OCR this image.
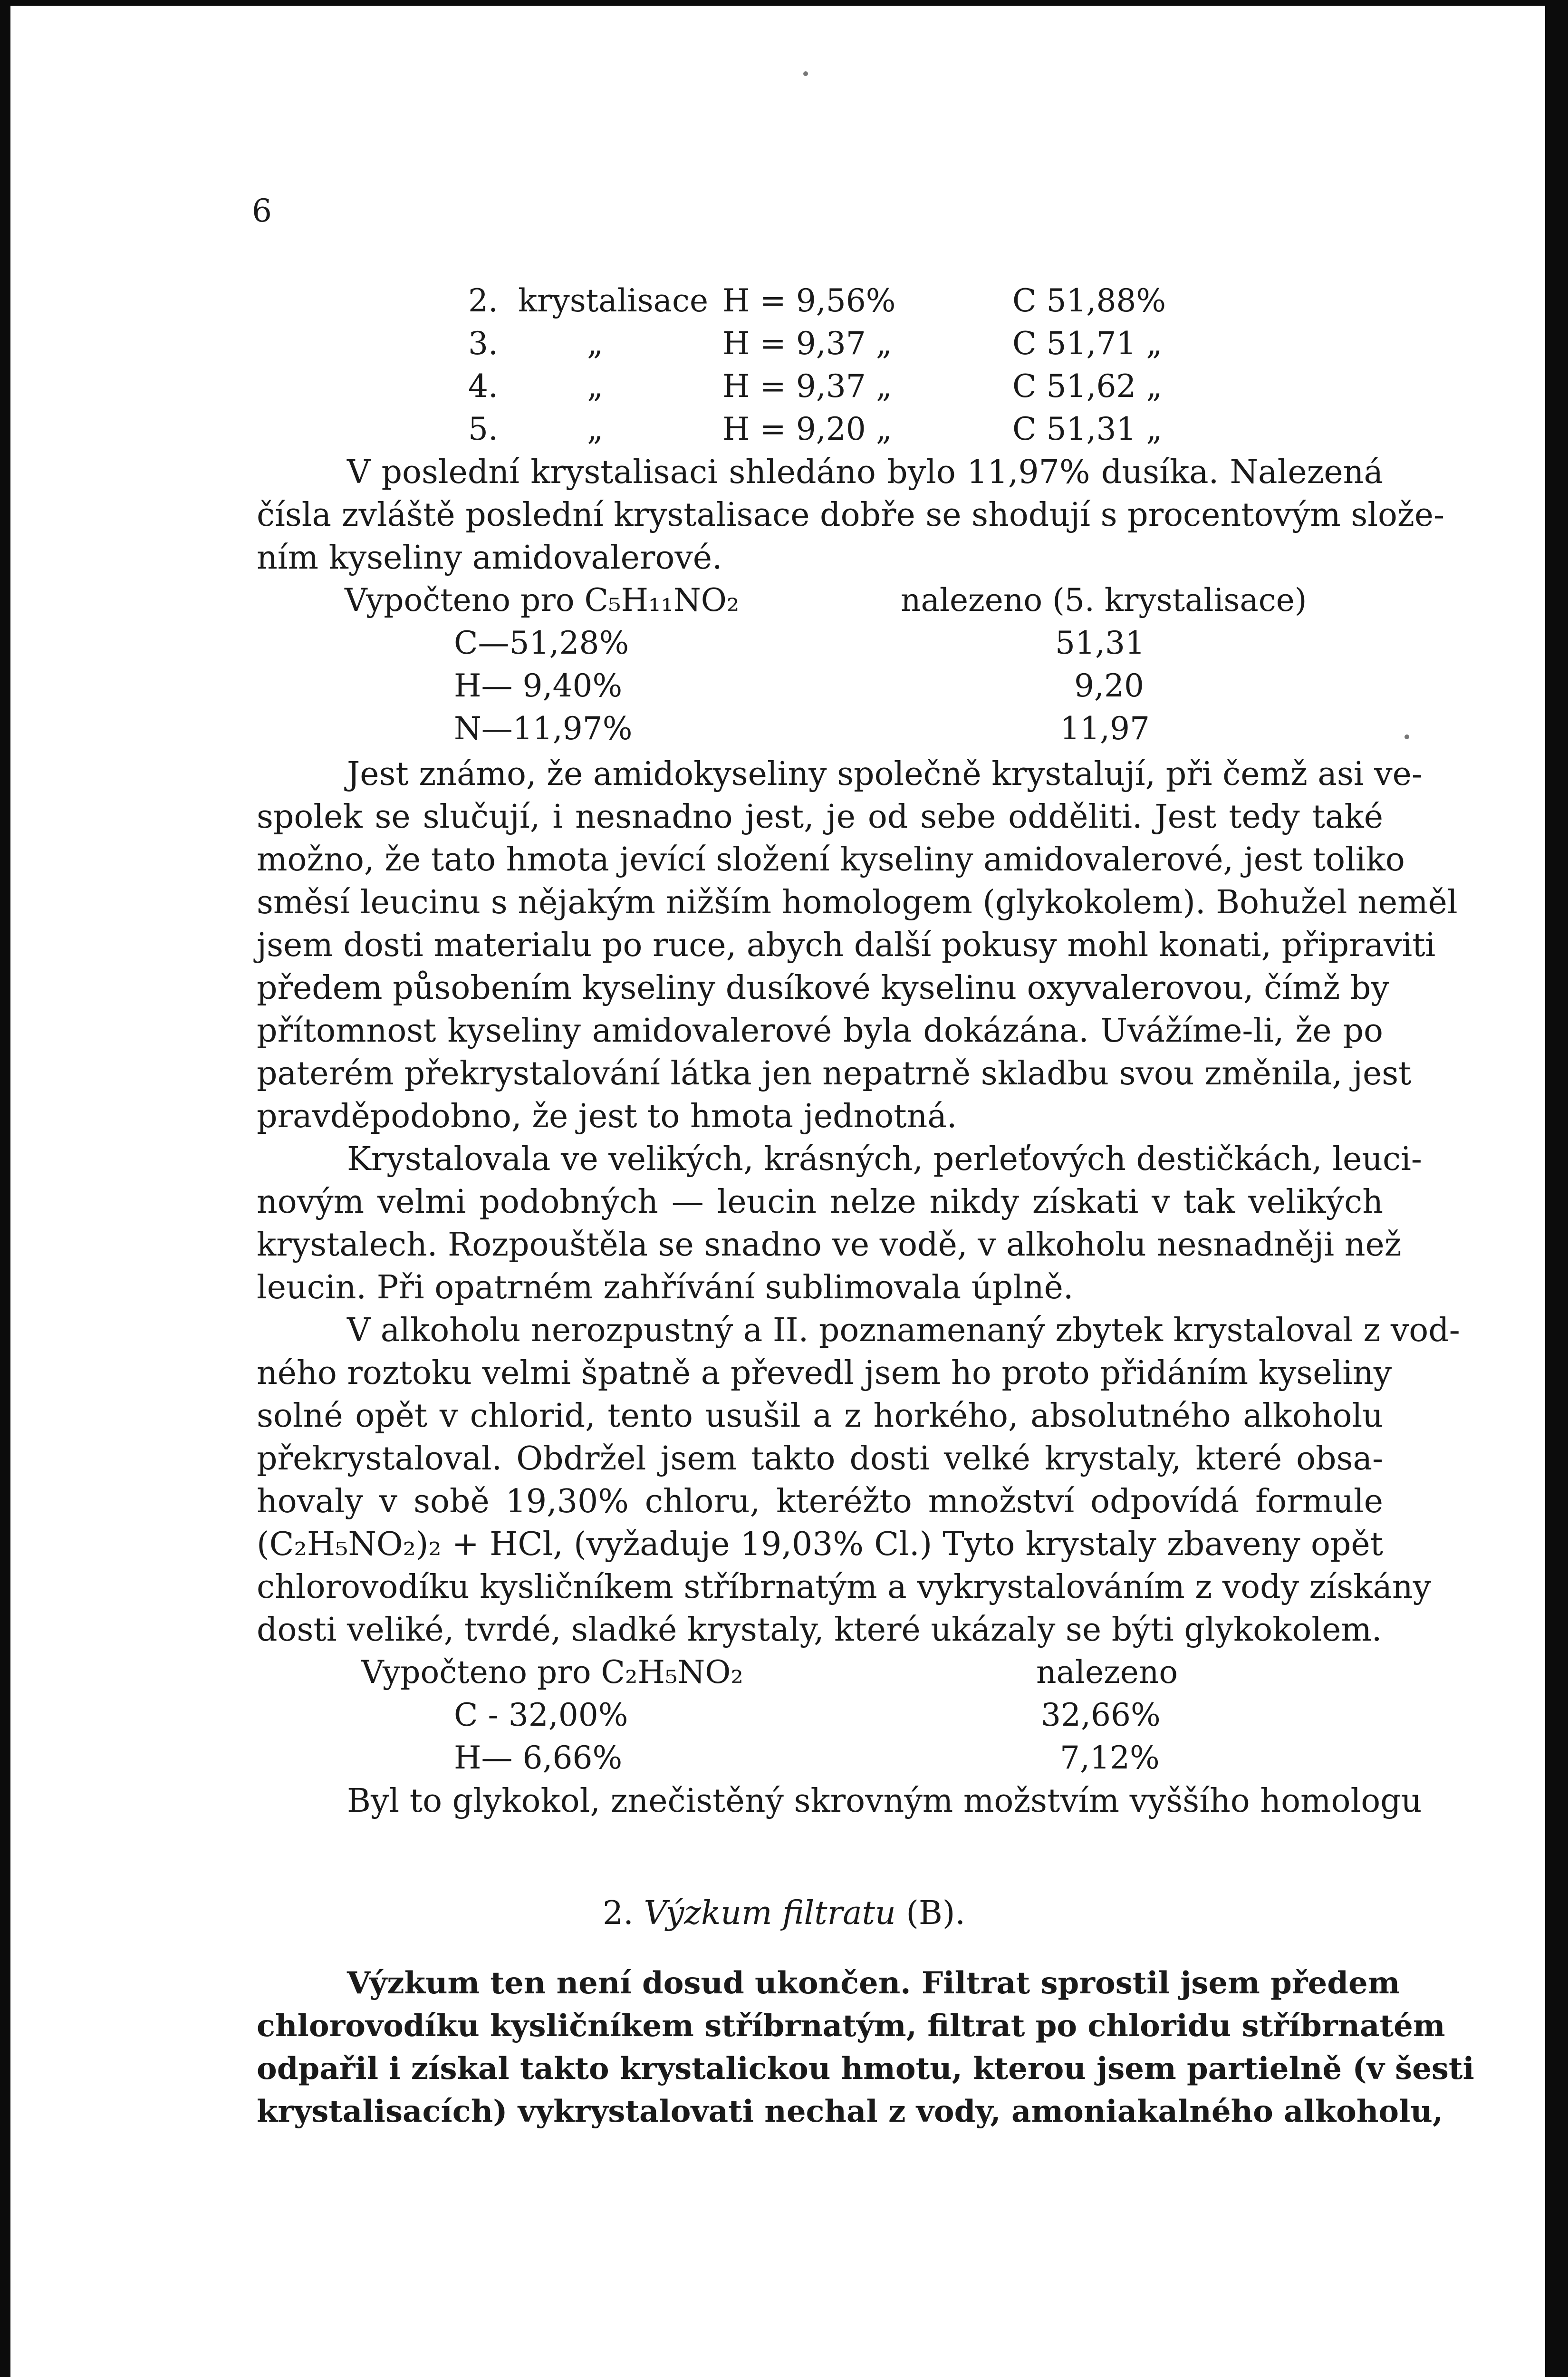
6
2. krystalisace H = 9,56%	C 51,88%
3.	„	H = 9,37 „	C 51,71 „
4.	„	H = 9,37 „	C 51,62 „
5.	„	H = 9,20 „	C 51,31 „
V poslední krystalisaci shledáno bylo 11,97% dusíka. Nalezená
čísla zvláště poslední krystalisace dobře se shodují s procentovým slože-
ním kyseliny amidovalerové.
Vypočteno pro C₅H₁₁NO₂	nalezeno (5. krystalisace)
C—51,28%	51,31
H— 9,40%	9,20
N—11,97%	11,97
Jest známo, že amidokyseliny společně krystalují, při čemž asi ve-
spolek se slučují, i nesnadno jest, je od sebe odděliti. Jest tedy také
možno, že tato hmota jevící složení kyseliny amidovalerové, jest toliko
směsí leucinu s nějakým nižším homologem (glykokolem). Bohužel neměl
jsem dosti materialu po ruce, abych další pokusy mohl konati, připraviti
předem působením kyseliny dusíkové kyselinu oxyvalerovou, čímž by
přítomnost kyseliny amidovalerové byla dokázána. Uvážíme-li, že po
paterém překrystalování látka jen nepatrně skladbu svou změnila, jest
pravděpodobno, že jest to hmota jednotná.
Krystalovala ve velikých, krásných, perleťových destičkách, leuci-
novým velmi podobných — leucin nelze nikdy získati v tak velikých
krystalech. Rozpouštěla se snadno ve vodě, v alkoholu nesnadněji než
leucin. Při opatrném zahřívání sublimovala úplně.
V alkoholu nerozpustný a II. poznamenaný zbytek krystaloval z vod-
ného roztoku velmi špatně a převedl jsem ho proto přidáním kyseliny
solné opět v chlorid, tento usušil a z horkého, absolutného alkoholu
překrystaloval. Obdržel jsem takto dosti velké krystaly, které obsa-
hovaly v sobě 19,30% chloru, kteréžto množství odpovídá formule
(C₂H₅NO₂)₂ + HCl, (vyžaduje 19,03% Cl.) Tyto krystaly zbaveny opět
chlorovodíku kysličníkem stříbrnatým a vykrystalováním z vody získány
dosti veliké, tvrdé, sladké krystaly, které ukázaly se býti glykokolem.
Vypočteno pro C₂H₅NO₂	nalezeno
C - 32,00%	32,66%
H— 6,66%	7,12%
Byl to glykokol, znečistěný skrovným možstvím vyššího homologu
2. Výzkum filtratu (B).
Výzkum ten není dosud ukončen. Filtrat sprostil jsem předem
chlorovodíku kysličníkem stříbrnatým, filtrat po chloridu stříbrnatém
odpařil i získal takto krystalickou hmotu, kterou jsem partielně (v šesti
krystalisacích) vykrystalovati nechal z vody, amoniakalného alkoholu,
